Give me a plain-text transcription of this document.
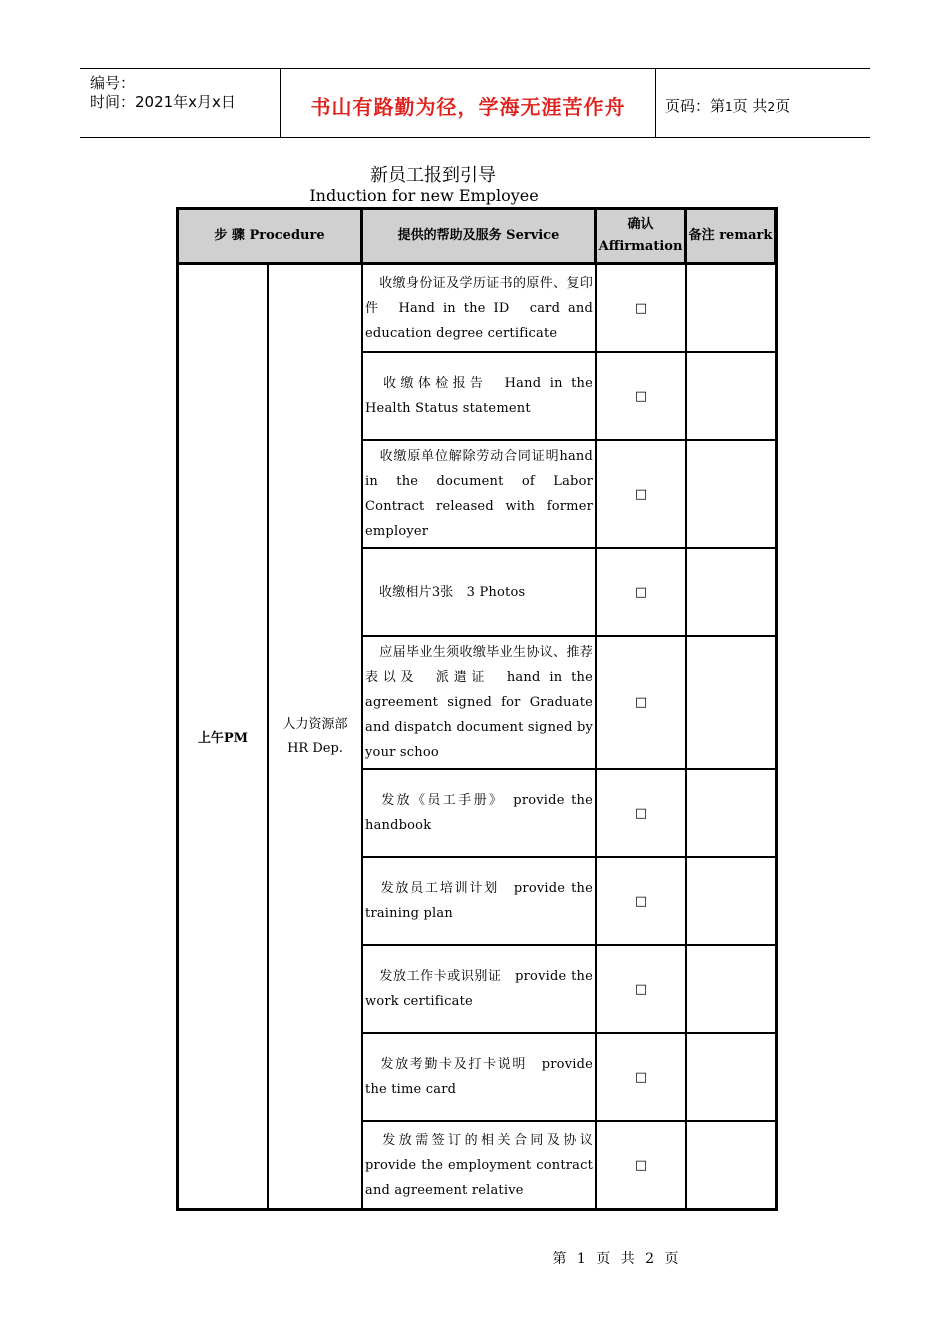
编号：
时间：2021年x月x日	书山有路勤为径，学海无涯苦作舟	页码：第1页 共2页
新员工报到引导
Induction for new Employee
步 骤 Procedure		提供的帮助及服务 Service	确认
Affirmation	备注 remark
上午PM	人力资源部
HR Dep.	收缴身份证及学历证书的原件、复印件　Hand in the ID　card and education degree certificate	□	
		收缴体检报告　Hand in the Health Status statement	□	
		收缴原单位解除劳动合同证明hand in the document of Labor Contract released with former employer	□	
		收缴相片3张　3 Photos	□	
		应届毕业生须收缴毕业生协议、推荐表以及　派遣证　hand in the agreement signed for Graduate and dispatch document signed by your schoo	□	
		发放《员工手册》　provide the handbook	□	
		发放员工培训计划　provide the training plan	□	
		发放工作卡或识别证　provide the work certificate	□	
		发放考勤卡及打卡说明　provide the time card	□	
		发放需签订的相关合同及协议provide the employment contract and agreement relative	□	
第 1 页 共 2 页
